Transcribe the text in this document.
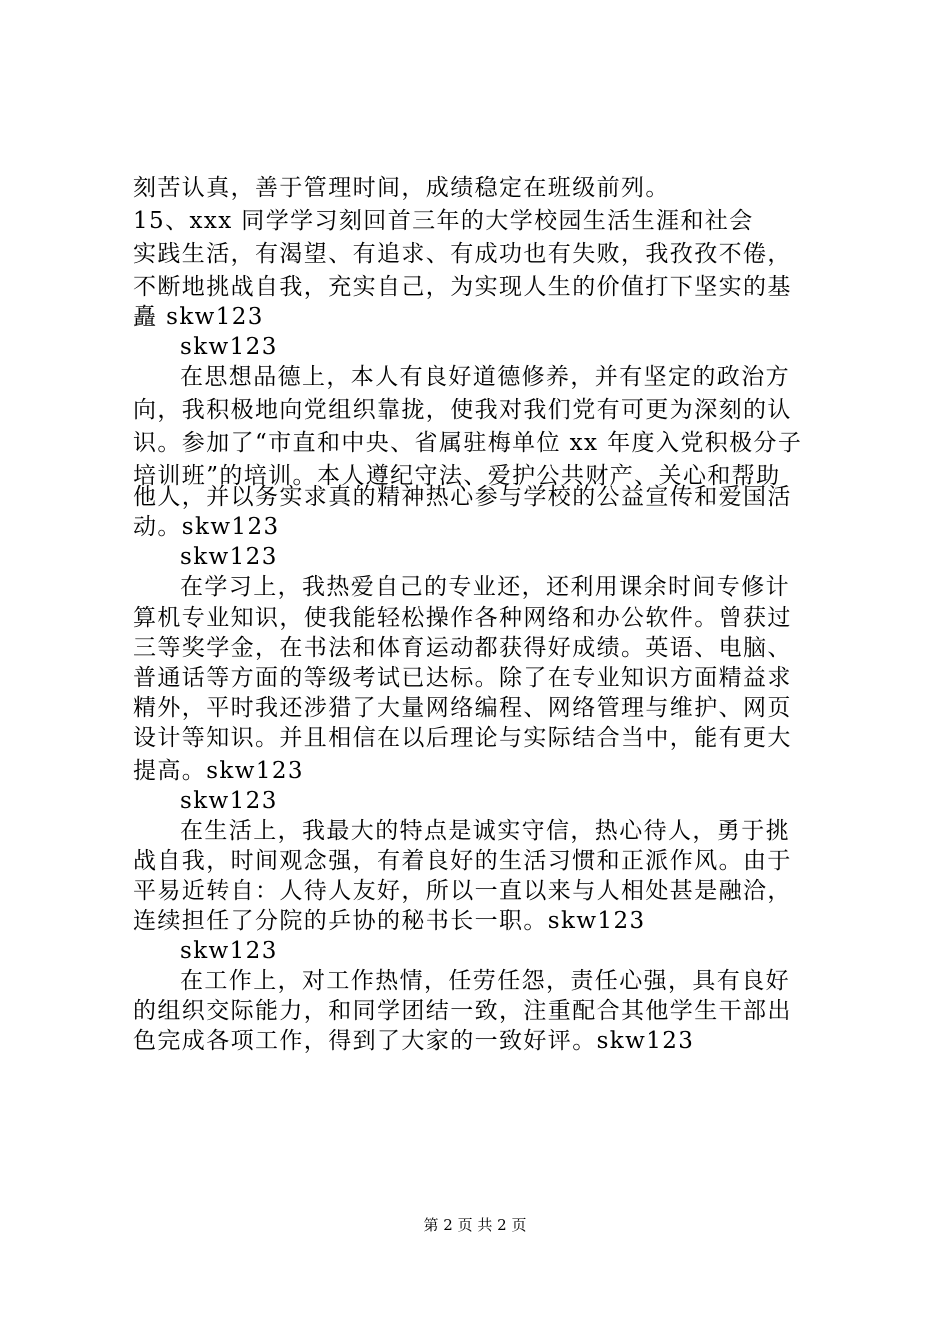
刻苦认真，善于管理时间，成绩稳定在班级前列。
15、xxx 同学学习刻回首三年的大学校园生活生涯和社会
实践生活，有渴望、有追求、有成功也有失败，我孜孜不倦，
不断地挑战自我，充实自己，为实现人生的价值打下坚实的基
矗 skw123
skw123
在思想品德上，本人有良好道德修养，并有坚定的政治方
向，我积极地向党组织靠拢，使我对我们党有可更为深刻的认
识。参加了“市直和中央、省属驻梅单位 xx 年度入党积极分子
培训班”的培训。本人遵纪守法、爱护公共财产、关心和帮助
他人，并以务实求真的精神热心参与学校的公益宣传和爱国活
动。skw123
skw123
在学习上，我热爱自己的专业还，还利用课余时间专修计
算机专业知识，使我能轻松操作各种网络和办公软件。曾获过
三等奖学金，在书法和体育运动都获得好成绩。英语、电脑、
普通话等方面的等级考试已达标。除了在专业知识方面精益求
精外，平时我还涉猎了大量网络编程、网络管理与维护、网页
设计等知识。并且相信在以后理论与实际结合当中，能有更大
提高。skw123
skw123
在生活上，我最大的特点是诚实守信，热心待人，勇于挑
战自我，时间观念强，有着良好的生活习惯和正派作风。由于
平易近转自：人待人友好，所以一直以来与人相处甚是融洽，
连续担任了分院的乒协的秘书长一职。skw123
skw123
在工作上，对工作热情，任劳任怨，责任心强，具有良好
的组织交际能力，和同学团结一致，注重配合其他学生干部出
色完成各项工作，得到了大家的一致好评。skw123
第 2 页 共 2 页
